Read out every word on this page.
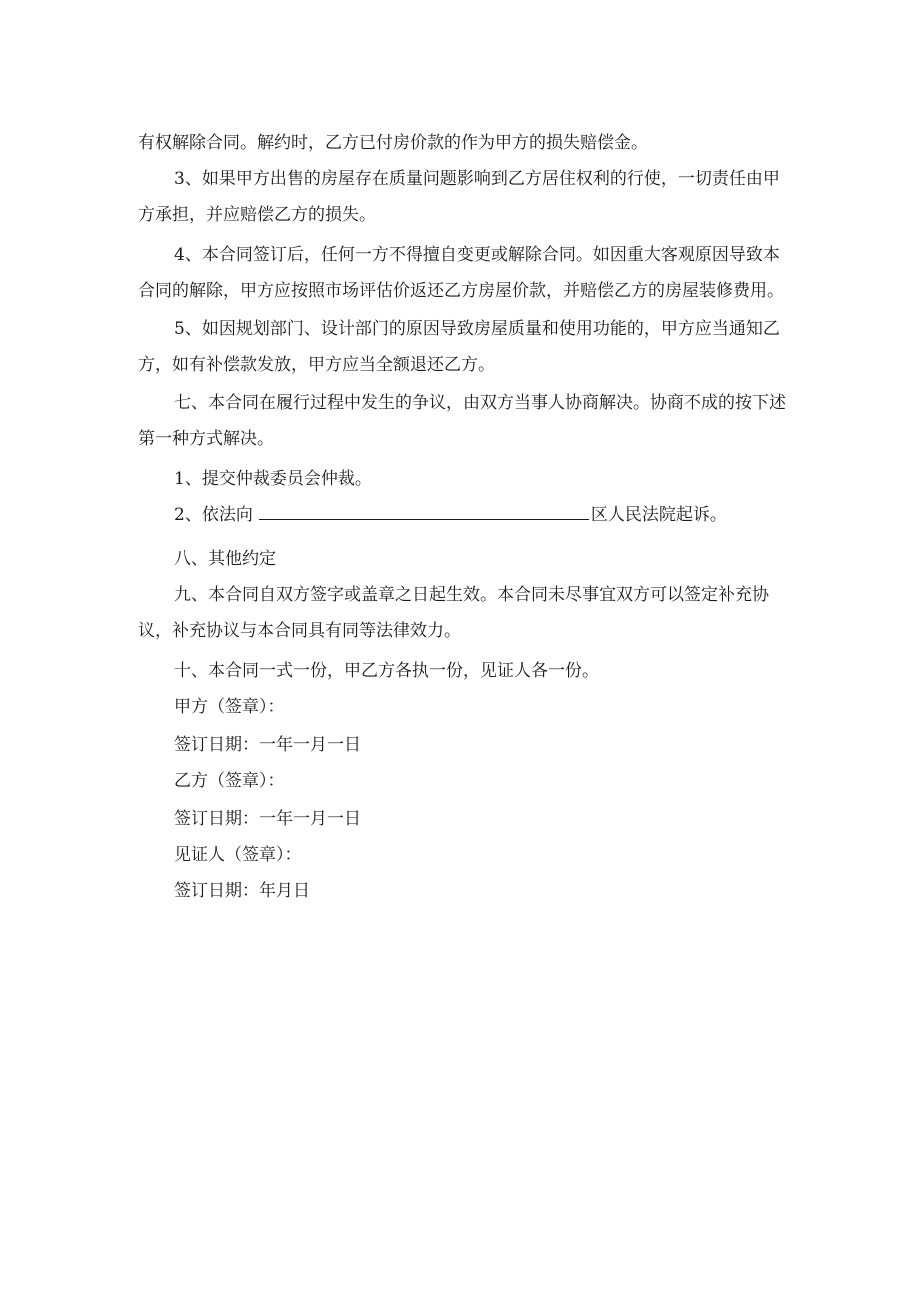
有权解除合同。解约时，乙方已付房价款的作为甲方的损失赔偿金。

3、如果甲方出售的房屋存在质量问题影响到乙方居住权利的行使，一切责任由甲方承担，并应赔偿乙方的损失。

4、本合同签订后，任何一方不得擅自变更或解除合同。如因重大客观原因导致本合同的解除，甲方应按照市场评估价返还乙方房屋价款，并赔偿乙方的房屋装修费用。

5、如因规划部门、设计部门的原因导致房屋质量和使用功能的，甲方应当通知乙方，如有补偿款发放，甲方应当全额退还乙方。

七、本合同在履行过程中发生的争议，由双方当事人协商解决。协商不成的按下述第一种方式解决。

1、提交仲裁委员会仲裁。

2、依法向	区人民法院起诉。

八、其他约定

九、本合同自双方签字或盖章之日起生效。本合同未尽事宜双方可以签定补充协议，补充协议与本合同具有同等法律效力。

十、本合同一式一份，甲乙方各执一份，见证人各一份。

甲方（签章）：

签订日期：一年一月一日

乙方（签章）：

签订日期：一年一月一日

见证人（签章）：

签订日期：年月日
